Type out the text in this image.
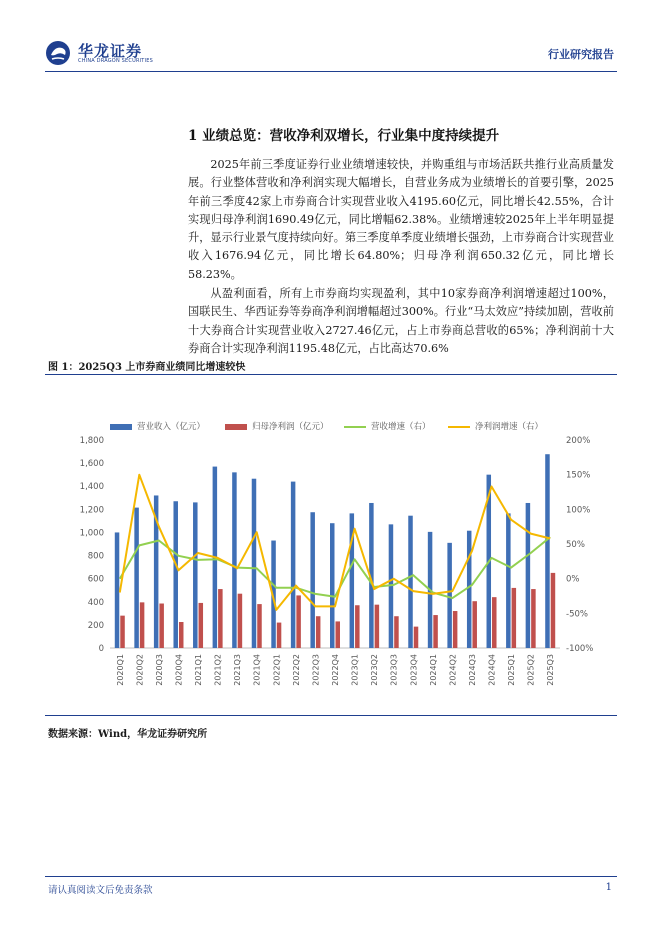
华龙证券
CHINA DRAGON SECURITIES	行业研究报告
1 业绩总览：营收净利双增长，行业集中度持续提升

2025年前三季度证券行业业绩增速较快，并购重组与市场活跃共推行业高质量发展。行业整体营收和净利润实现大幅增长，自营业务成为业绩增长的首要引擎，2025年前三季度42家上市券商合计实现营业收入4195.60亿元，同比增长42.55%，合计实现归母净利润1690.49亿元，同比增幅62.38%。业绩增速较2025年上半年明显提升，显示行业景气度持续向好。第三季度单季度业绩增长强劲，上市券商合计实现营业收入1676.94亿元，同比增长64.80%；归母净利润650.32亿元，同比增长58.23%。

从盈利面看，所有上市券商均实现盈利，其中10家券商净利润增速超过100%，国联民生、华西证券等券商净利润增幅超过300%。行业“马太效应”持续加剧，营收前十大券商合计实现营业收入2727.46亿元，占上市券商总营收的65%；净利润前十大券商合计实现净利润1195.48亿元，占比高达70.6%

图 1：2025Q3 上市券商业绩同比增速较快
营业收入（亿元）	归母净利润（亿元）	营收增速（右）	净利润增速（右）
0
200
400
600
800
1,000
1,200
1,400
1,600
1,800
-100%
-50%
0%
50%
100%
150%
200%
2020Q1 2020Q2 2020Q3 2020Q4 2021Q1 2021Q2 2021Q3 2021Q4 2022Q1 2022Q2 2022Q3 2022Q4 2023Q1 2023Q2 2023Q3 2023Q4 2024Q1 2024Q2 2024Q3 2024Q4 2025Q1 2025Q2 2025Q3
数据来源：Wind，华龙证券研究所
请认真阅读文后免责条款	1
